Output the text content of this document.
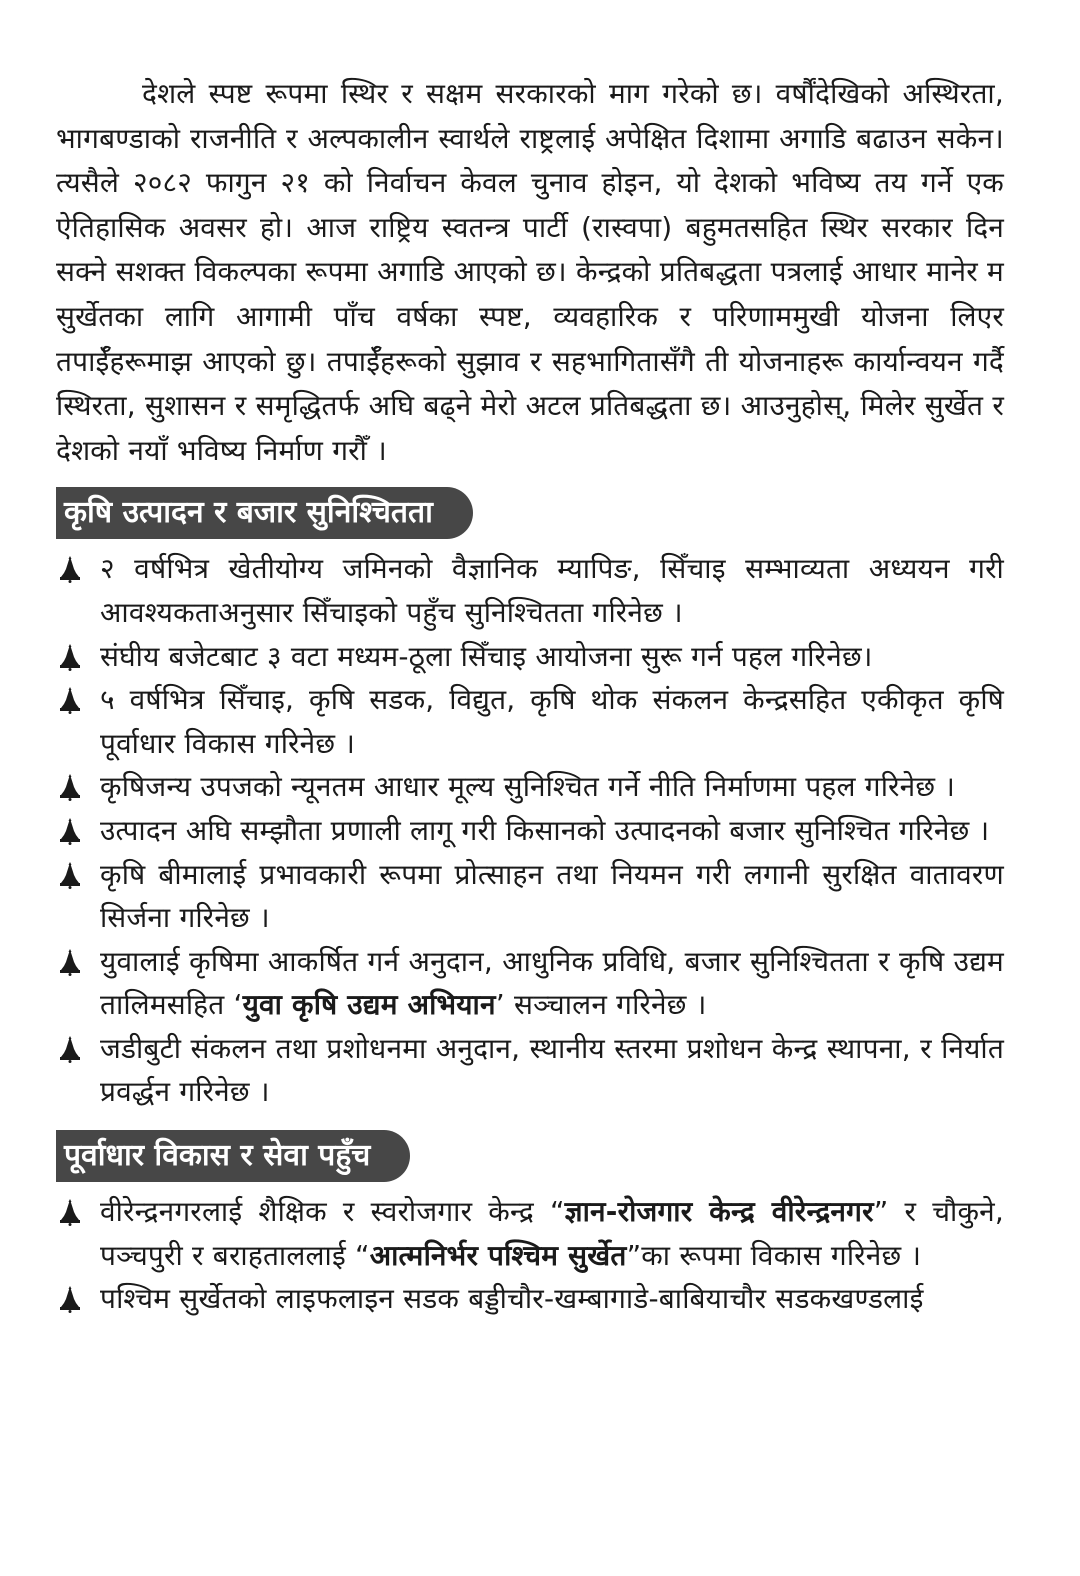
देशले स्पष्ट रूपमा स्थिर र सक्षम सरकारको माग गरेको छ। वर्षौंदेखिको अस्थिरता, भागबण्डाको राजनीति र अल्पकालीन स्वार्थले राष्ट्रलाई अपेक्षित दिशामा अगाडि बढाउन सकेन। त्यसैले २०८२ फागुन २१ को निर्वाचन केवल चुनाव होइन, यो देशको भविष्य तय गर्ने एक ऐतिहासिक अवसर हो। आज राष्ट्रिय स्वतन्त्र पार्टी (रास्वपा) बहुमतसहित स्थिर सरकार दिन सक्ने सशक्त विकल्पका रूपमा अगाडि आएको छ। केन्द्रको प्रतिबद्धता पत्रलाई आधार मानेर म सुर्खेतका लागि आगामी पाँच वर्षका स्पष्ट, व्यवहारिक र परिणाममुखी योजना लिएर तपाईँहरूमाझ आएको छु। तपाईँहरूको सुझाव र सहभागितासँगै ती योजनाहरू कार्यान्वयन गर्दै स्थिरता, सुशासन र समृद्धितर्फ अघि बढ्ने मेरो अटल प्रतिबद्धता छ। आउनुहोस्, मिलेर सुर्खेत र देशको नयाँ भविष्य निर्माण गरौँ ।

कृषि उत्पादन र बजार सुनिश्चितता
२ वर्षभित्र खेतीयोग्य जमिनको वैज्ञानिक म्यापिङ, सिँचाइ सम्भाव्यता अध्ययन गरी आवश्यकताअनुसार सिँचाइको पहुँच सुनिश्चितता गरिनेछ ।
संघीय बजेटबाट ३ वटा मध्यम-ठूला सिँचाइ आयोजना सुरू गर्न पहल गरिनेछ।
५ वर्षभित्र सिँचाइ, कृषि सडक, विद्युत, कृषि थोक संकलन केन्द्रसहित एकीकृत कृषि पूर्वाधार विकास गरिनेछ ।
कृषिजन्य उपजको न्यूनतम आधार मूल्य सुनिश्चित गर्ने नीति निर्माणमा पहल गरिनेछ ।
उत्पादन अघि सम्झौता प्रणाली लागू गरी किसानको उत्पादनको बजार सुनिश्चित गरिनेछ ।
कृषि बीमालाई प्रभावकारी रूपमा प्रोत्साहन तथा नियमन गरी लगानी सुरक्षित वातावरण सिर्जना गरिनेछ ।
युवालाई कृषिमा आकर्षित गर्न अनुदान, आधुनिक प्रविधि, बजार सुनिश्चितता र कृषि उद्यम तालिमसहित ‘युवा कृषि उद्यम अभियान’ सञ्चालन गरिनेछ ।
जडीबुटी संकलन तथा प्रशोधनमा अनुदान, स्थानीय स्तरमा प्रशोधन केन्द्र स्थापना, र निर्यात प्रवर्द्धन गरिनेछ ।
पूर्वाधार विकास र सेवा पहुँच
वीरेन्द्रनगरलाई शैक्षिक र स्वरोजगार केन्द्र “ज्ञान-रोजगार केन्द्र वीरेन्द्रनगर” र चौकुने, पञ्चपुरी र बराहताललाई “आत्मनिर्भर पश्चिम सुर्खेत”का रूपमा विकास गरिनेछ ।
पश्चिम सुर्खेतको लाइफलाइन सडक बड्डीचौर-खम्बागाडे-बाबियाचौर सडकखण्डलाई
